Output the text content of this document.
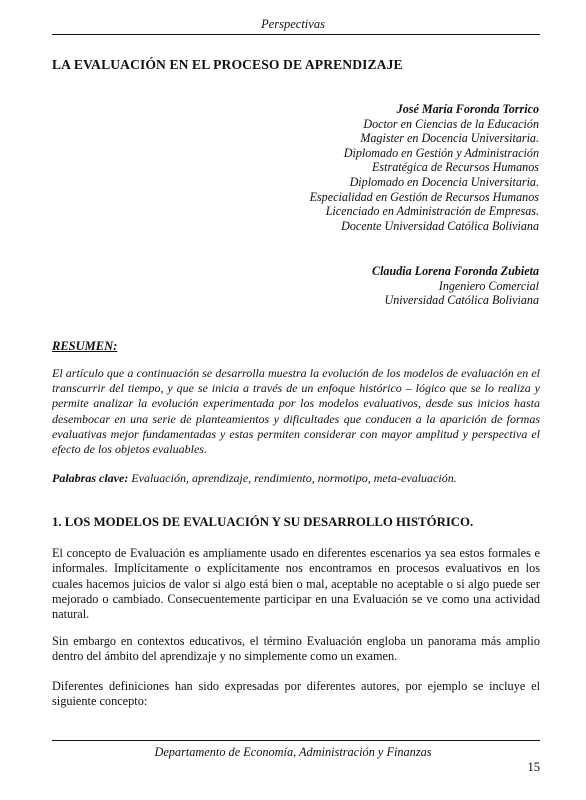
Perspectivas
LA EVALUACIÓN EN EL PROCESO DE APRENDIZAJE
José María Foronda Torrico
Doctor en Ciencias de la Educación
Magister en Docencia Universitaria.
Diplomado en Gestión y Administración
Estratégica de Recursos Humanos
Diplomado en Docencia Universitaria.
Especialidad en Gestión de Recursos Humanos
Licenciado en Administración de Empresas.
Docente Universidad Católica Boliviana
Claudia Lorena Foronda Zubieta
Ingeniero Comercial
Universidad Católica Boliviana
RESUMEN:

El artículo que a continuación se desarrolla muestra la evolución de los modelos de evaluación en el transcurrir del tiempo, y que se inicia a través de un enfoque histórico – lógico que se lo realiza y permite analizar la evolución experimentada por los modelos evaluativos, desde sus inicios hasta desembocar en una serie de planteamientos y dificultades que conducen a la aparición de formas evaluativas mejor fundamentadas y estas permiten considerar con mayor amplitud y perspectiva el efecto de los objetos evaluables.

Palabras clave: Evaluación, aprendizaje, rendimiento, normotipo, meta-evaluación.

1. LOS MODELOS DE EVALUACIÓN Y SU DESARROLLO HISTÓRICO.

El concepto de Evaluación es ampliamente usado en diferentes escenarios ya sea estos formales e informales. Implícitamente o explícitamente nos encontramos en procesos evaluativos en los cuales hacemos juicios de valor si algo está bien o mal, aceptable no aceptable o si algo puede ser mejorado o cambiado. Consecuentemente participar en una Evaluación se ve como una actividad natural.

Sin embargo en contextos educativos, el término Evaluación engloba un panorama más amplio dentro del ámbito del aprendizaje y no simplemente como un examen.

Diferentes definiciones han sido expresadas por diferentes autores, por ejemplo se incluye el siguiente concepto:

Departamento de Economía, Administración y Finanzas
15
